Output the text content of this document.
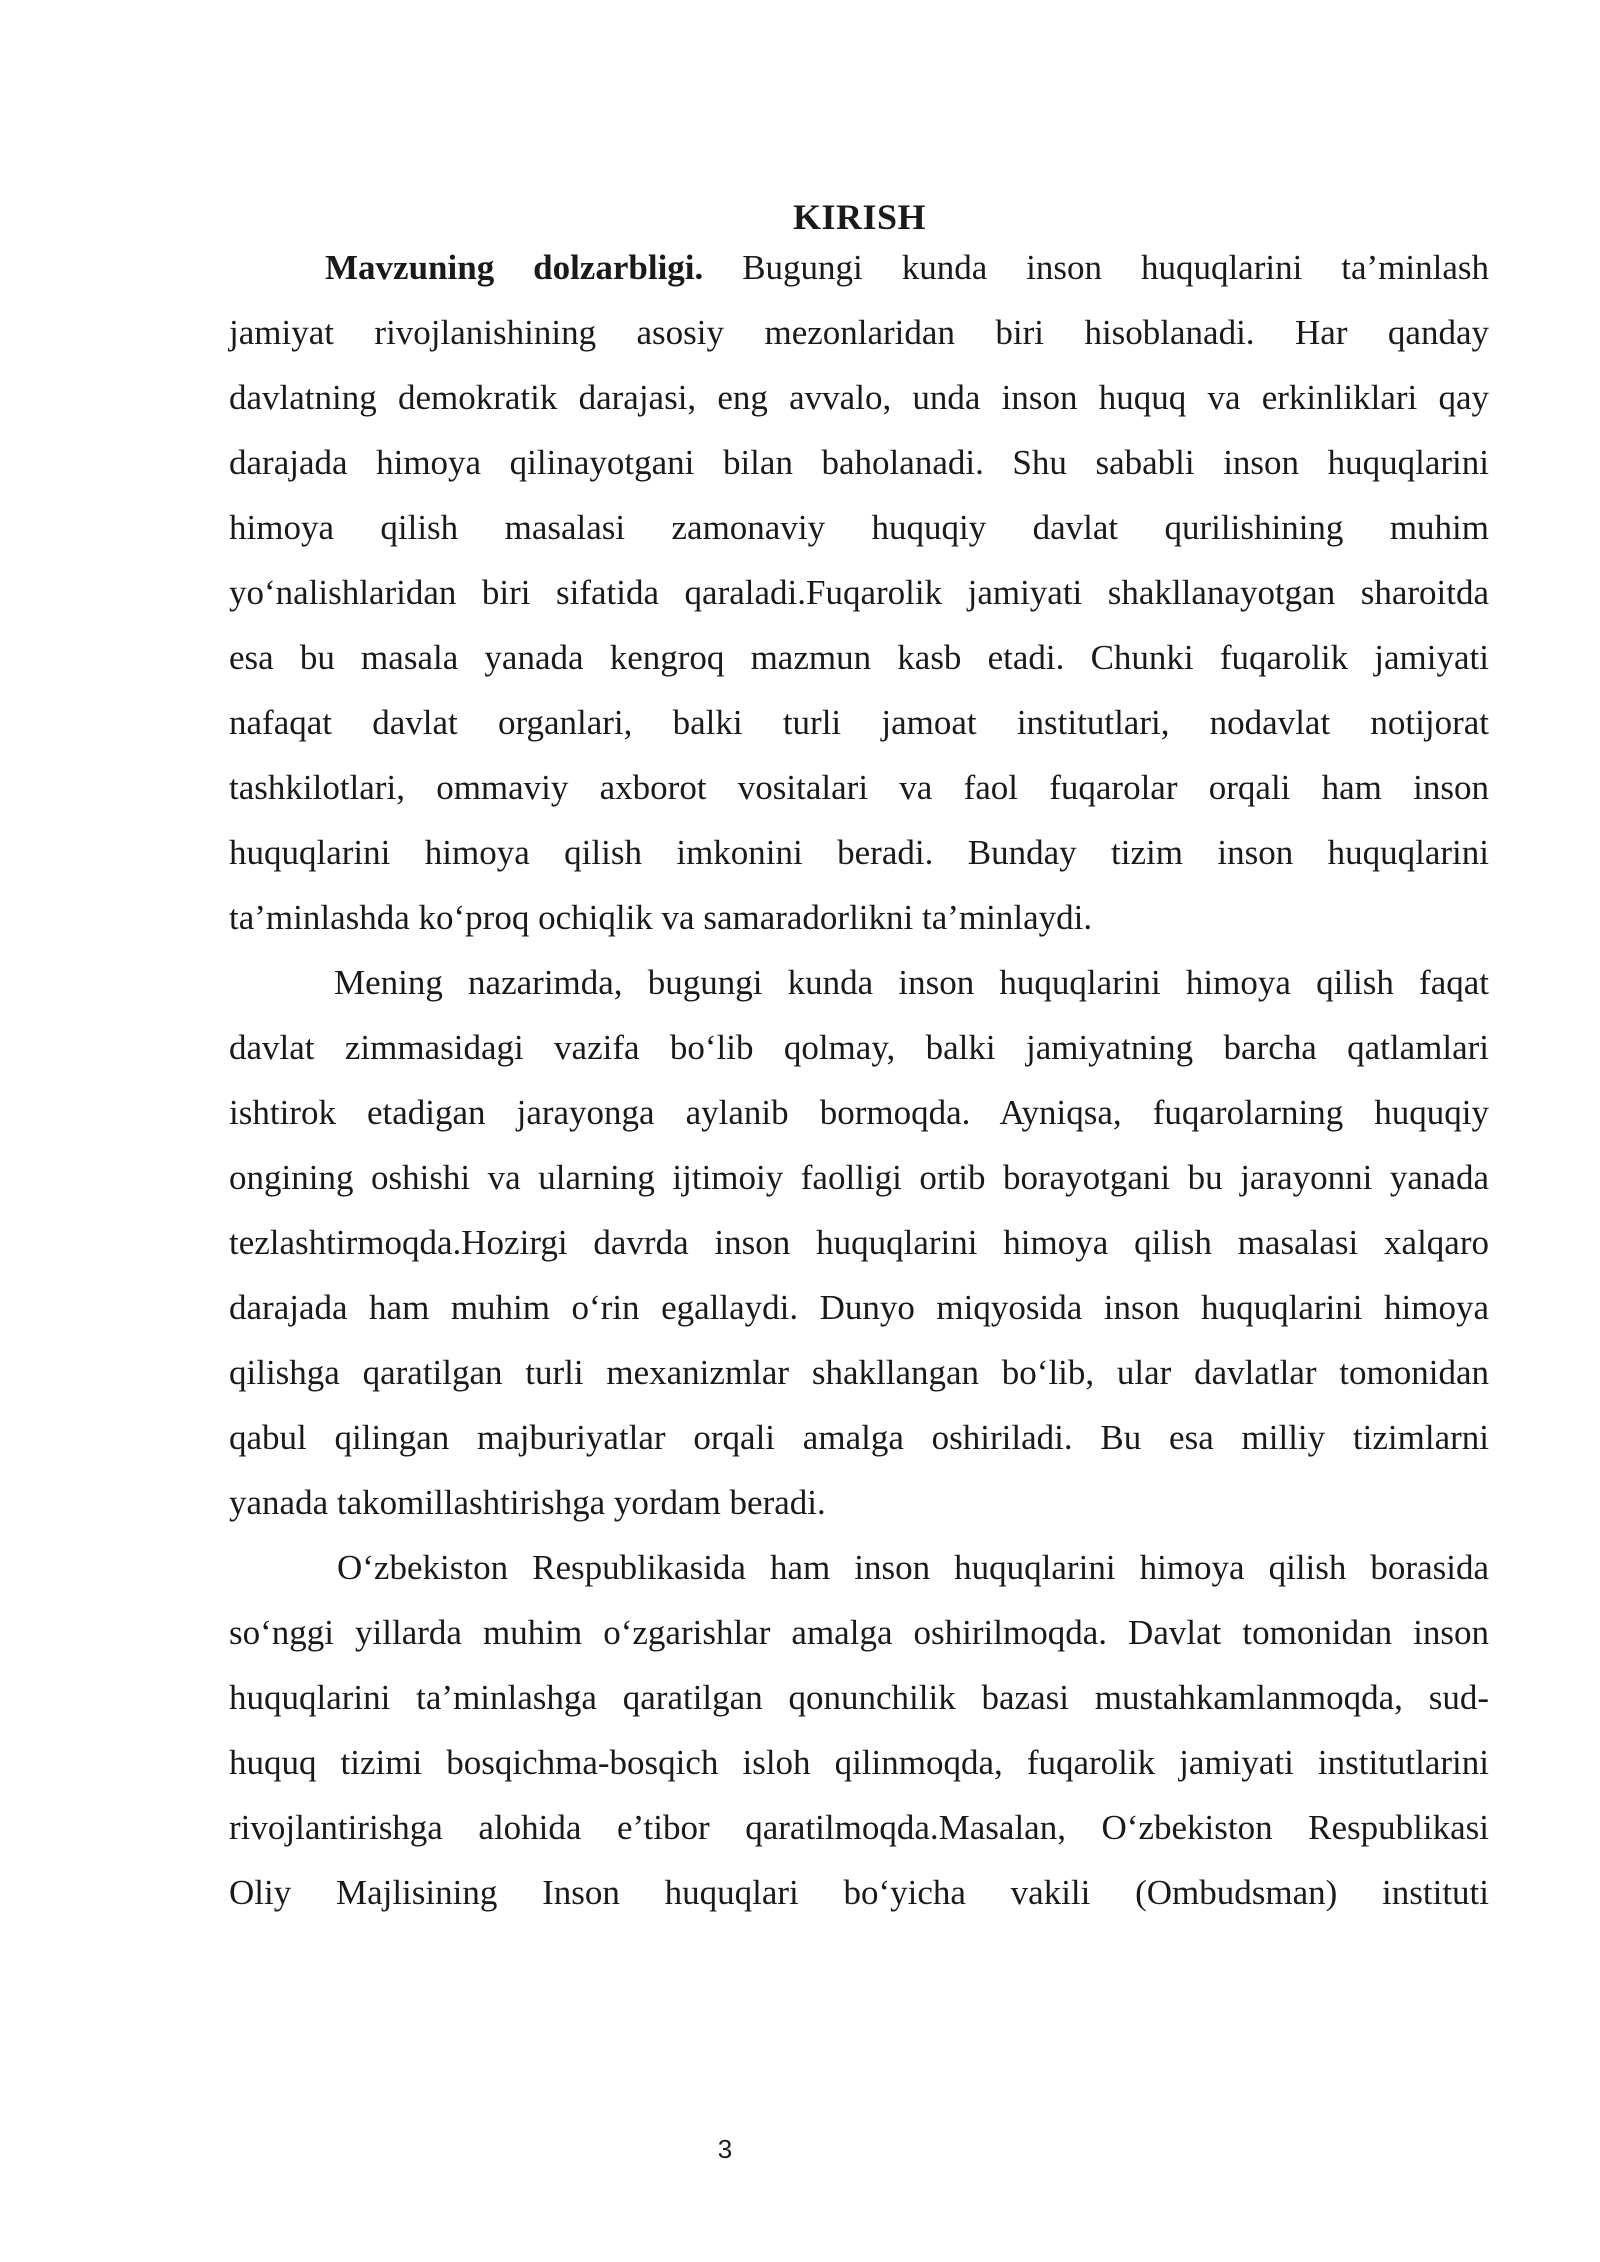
KIRISH
Mavzuning dolzarbligi. Bugungi kunda inson huquqlarini ta’minlash
jamiyat rivojlanishining asosiy mezonlaridan biri hisoblanadi. Har qanday
davlatning demokratik darajasi, eng avvalo, unda inson huquq va erkinliklari qay
darajada himoya qilinayotgani bilan baholanadi. Shu sababli inson huquqlarini
himoya qilish masalasi zamonaviy huquqiy davlat qurilishining muhim
yo‘nalishlaridan biri sifatida qaraladi.Fuqarolik jamiyati shakllanayotgan sharoitda
esa bu masala yanada kengroq mazmun kasb etadi. Chunki fuqarolik jamiyati
nafaqat davlat organlari, balki turli jamoat institutlari, nodavlat notijorat
tashkilotlari, ommaviy axborot vositalari va faol fuqarolar orqali ham inson
huquqlarini himoya qilish imkonini beradi. Bunday tizim inson huquqlarini
ta’minlashda ko‘proq ochiqlik va samaradorlikni ta’minlaydi.
Mening nazarimda, bugungi kunda inson huquqlarini himoya qilish faqat
davlat zimmasidagi vazifa bo‘lib qolmay, balki jamiyatning barcha qatlamlari
ishtirok etadigan jarayonga aylanib bormoqda. Ayniqsa, fuqarolarning huquqiy
ongining oshishi va ularning ijtimoiy faolligi ortib borayotgani bu jarayonni yanada
tezlashtirmoqda.Hozirgi davrda inson huquqlarini himoya qilish masalasi xalqaro
darajada ham muhim o‘rin egallaydi. Dunyo miqyosida inson huquqlarini himoya
qilishga qaratilgan turli mexanizmlar shakllangan bo‘lib, ular davlatlar tomonidan
qabul qilingan majburiyatlar orqali amalga oshiriladi. Bu esa milliy tizimlarni
yanada takomillashtirishga yordam beradi.
O‘zbekiston Respublikasida ham inson huquqlarini himoya qilish borasida
so‘nggi yillarda muhim o‘zgarishlar amalga oshirilmoqda. Davlat tomonidan inson
huquqlarini ta’minlashga qaratilgan qonunchilik bazasi mustahkamlanmoqda, sud-
huquq tizimi bosqichma-bosqich isloh qilinmoqda, fuqarolik jamiyati institutlarini
rivojlantirishga alohida e’tibor qaratilmoqda.Masalan, O‘zbekiston Respublikasi
Oliy Majlisining Inson huquqlari bo‘yicha vakili (Ombudsman) instituti
3
